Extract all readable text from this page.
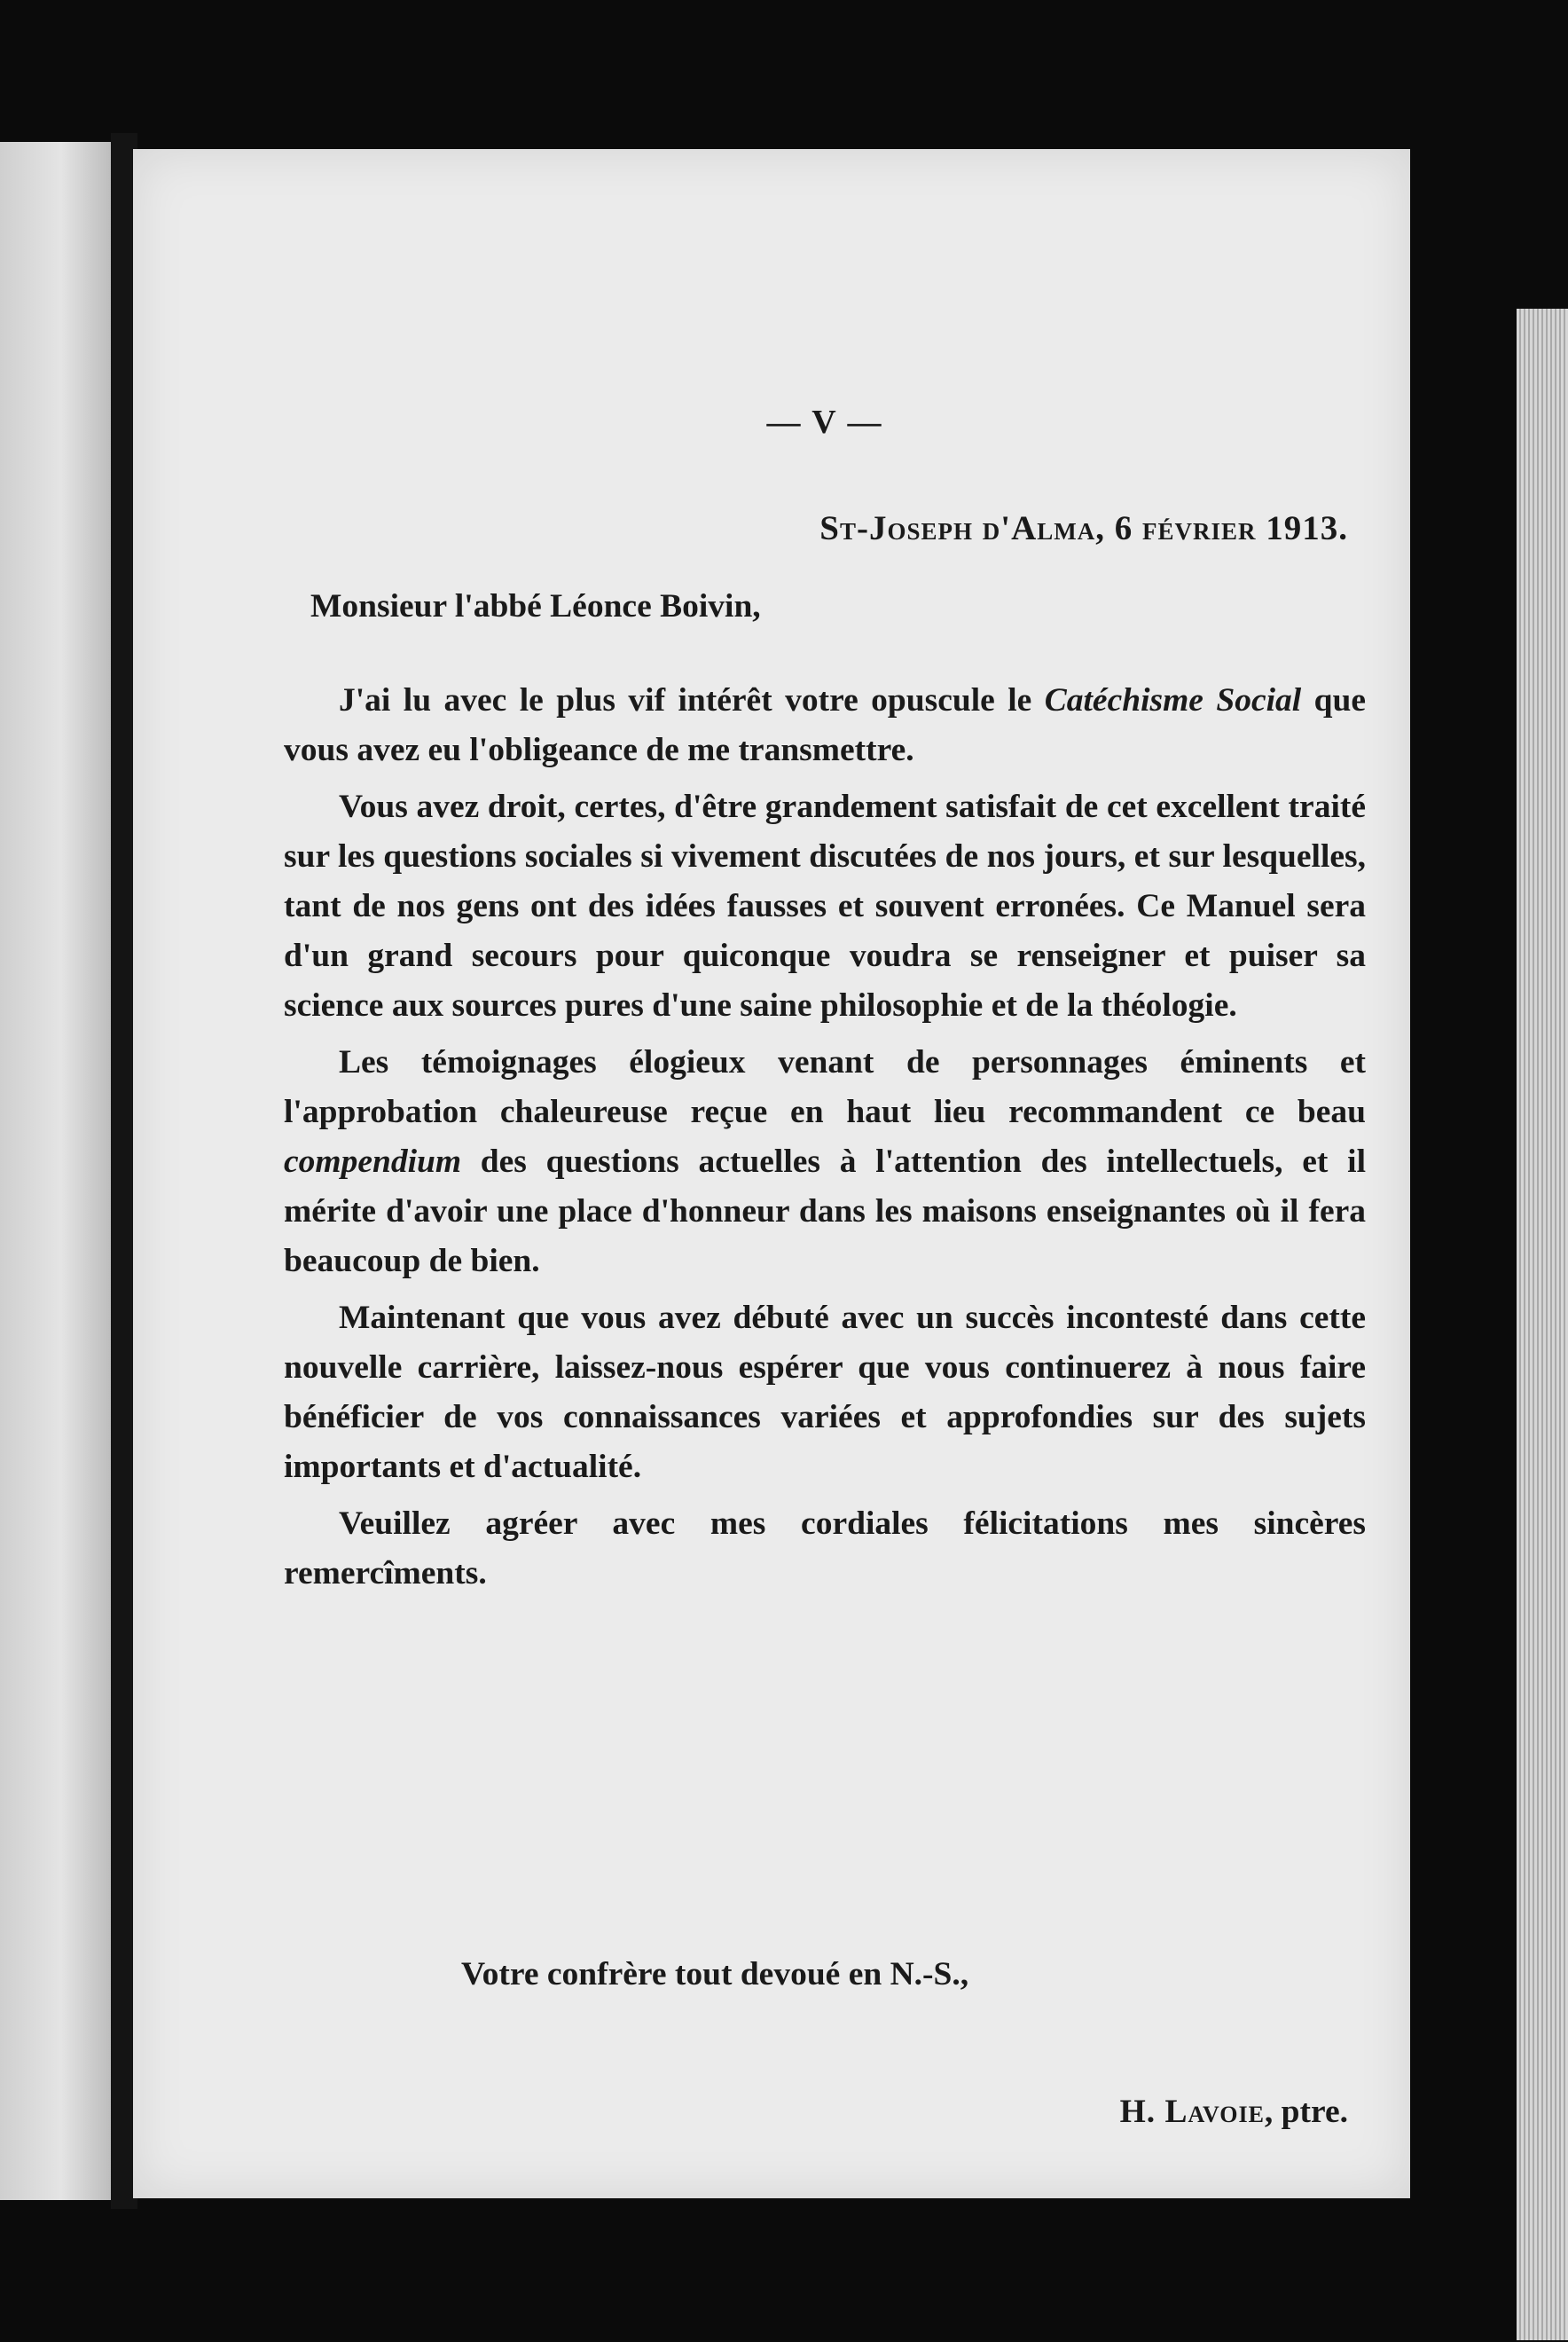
— V —
St-Joseph d'Alma, 6 février 1913.
Monsieur l'abbé Léonce Boivin,

J'ai lu avec le plus vif intérêt votre opuscule le Catéchisme Social que vous avez eu l'obligeance de me transmettre.

Vous avez droit, certes, d'être grandement satisfait de cet excellent traité sur les questions sociales si vivement discutées de nos jours, et sur lesquelles, tant de nos gens ont des idées fausses et souvent erronées. Ce Manuel sera d'un grand secours pour quiconque voudra se renseigner et puiser sa science aux sources pures d'une saine philosophie et de la théologie.

Les témoignages élogieux venant de personnages éminents et l'approbation chaleureuse reçue en haut lieu recommandent ce beau compendium des questions actuelles à l'attention des intellectuels, et il mérite d'avoir une place d'honneur dans les maisons enseignantes où il fera beaucoup de bien.

Maintenant que vous avez débuté avec un succès incontesté dans cette nouvelle carrière, laissez-nous espérer que vous continuerez à nous faire bénéficier de vos connaissances variées et approfondies sur des sujets importants et d'actualité.

Veuillez agréer avec mes cordiales félicitations mes sincères remercîments.

Votre confrère tout devoué en N.-S.,
H. Lavoie, ptre.
